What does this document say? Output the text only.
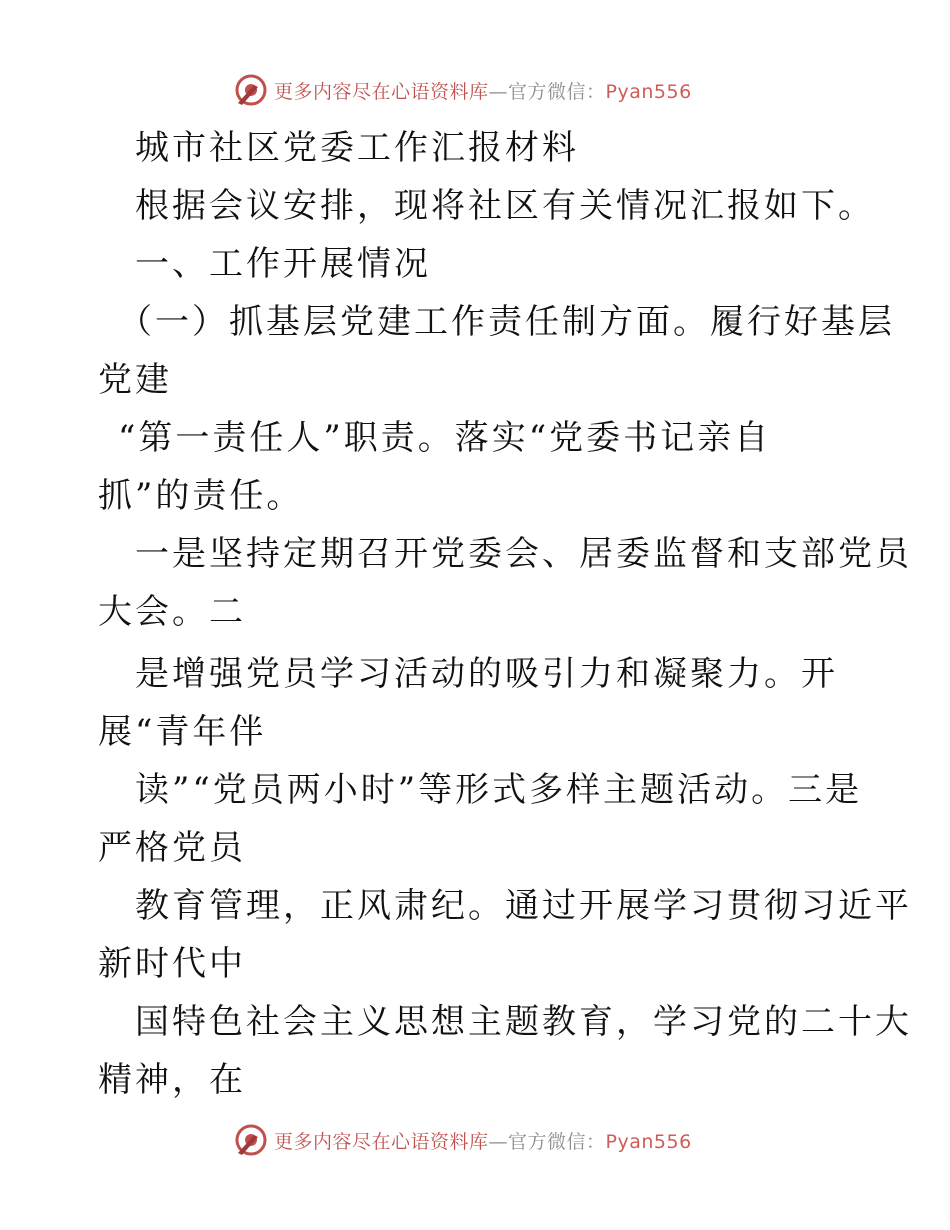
更多内容尽在心语资料库—官方微信：Pyan556
城市社区党委工作汇报材料
根据会议安排，现将社区有关情况汇报如下。
一、工作开展情况
（一）抓基层党建工作责任制方面。履行好基层
党建
“第一责任人”职责。落实“党委书记亲自
抓”的责任。
一是坚持定期召开党委会、居委监督和支部党员
大会。二
是增强党员学习活动的吸引力和凝聚力。开
展“青年伴
读”“党员两小时”等形式多样主题活动。三是
严格党员
教育管理，正风肃纪。通过开展学习贯彻习近平
新时代中
国特色社会主义思想主题教育，学习党的二十大
精神，在
更多内容尽在心语资料库—官方微信：Pyan556
